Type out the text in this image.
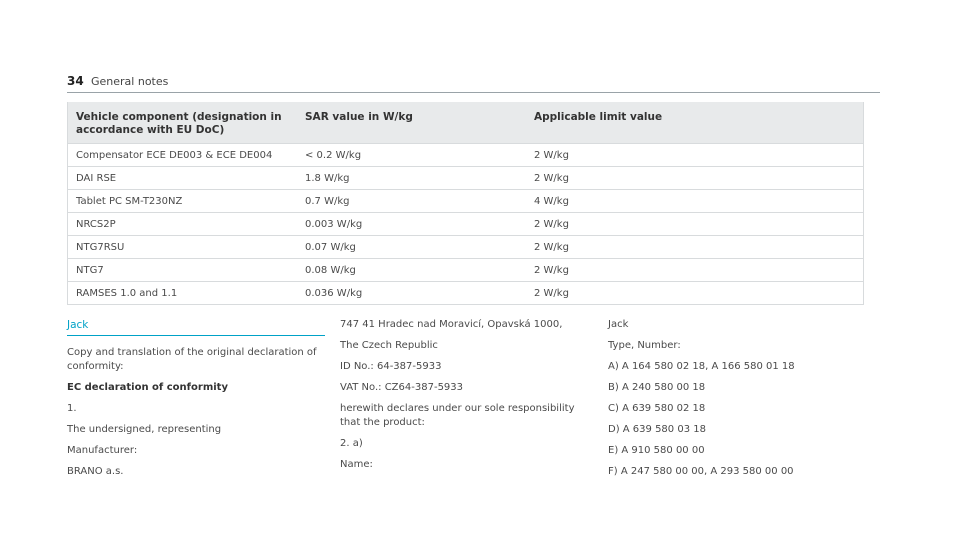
34 General notes
Vehicle component (designation in accordance with EU DoC)	SAR value in W/kg	Applicable limit value
Compensator ECE DE003 & ECE DE004	< 0.2 W/kg	2 W/kg
DAI RSE	1.8 W/kg	2 W/kg
Tablet PC SM-T230NZ	0.7 W/kg	4 W/kg
NRCS2P	0.003 W/kg	2 W/kg
NTG7RSU	0.07 W/kg	2 W/kg
NTG7	0.08 W/kg	2 W/kg
RAMSES 1.0 and 1.1	0.036 W/kg	2 W/kg
Jack

Copy and translation of the original declaration of conformity:

EC declaration of conformity

1.

The undersigned, representing

Manufacturer:

BRANO a.s.

747 41 Hradec nad Moravicí, Opavská 1000,

The Czech Republic

ID No.: 64-387-5933

VAT No.: CZ64-387-5933

herewith declares under our sole responsibility that the product:

2. a)

Name:

Jack

Type, Number:

A) A 164 580 02 18, A 166 580 01 18

B) A 240 580 00 18

C) A 639 580 02 18

D) A 639 580 03 18

E) A 910 580 00 00

F) A 247 580 00 00, A 293 580 00 00
